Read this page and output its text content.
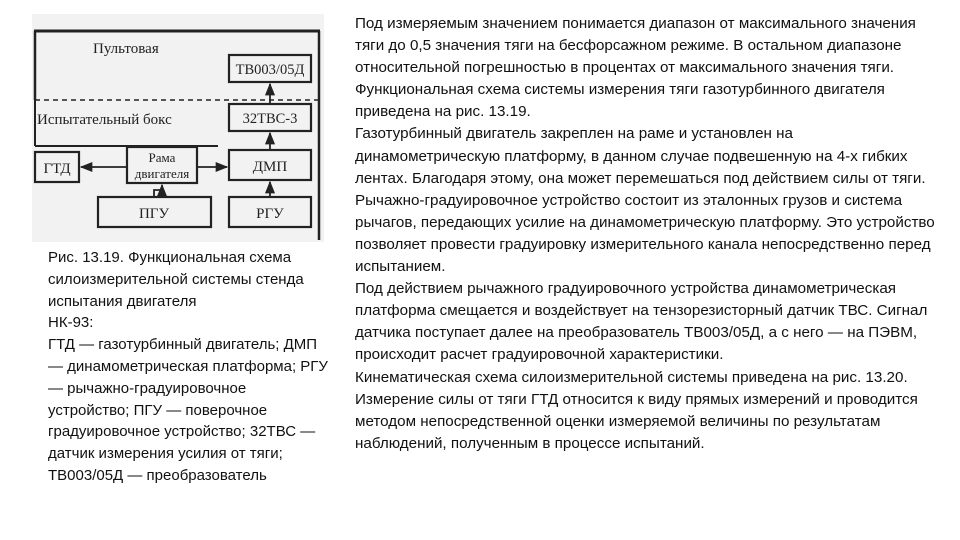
Пультовая
Испытательный бокс
ТВ003/05Д
32ТВС-3
ДМП
ГТД
Рама
двигателя
ПГУ	РГУ

Рис. 13.19. Функциональная схема силоизмерительной системы стенда испытания двигателя

НК-93:

ГТД — газотурбинный двигатель; ДМП — динамометрическая платформа; РГУ — рычажно-градуировочное устройство; ПГУ — поверочное градуировочное устройство; 32ТВС — датчик измерения усилия от тяги; ТВ003/05Д — преобразователь

Под измеряемым значением понимается диапазон от максимального значения тяги до 0,5 значения тяги на бесфорсажном режиме. В остальном диапазоне относительной погрешностью в процентах от максимального значения тяги. Функциональная схема системы измерения тяги газотурбинного двигателя приведена на рис. 13.19.

Газотурбинный двигатель закреплен на раме и установлен на динамометрическую платформу, в данном случае подвешенную на 4-х гибких лентах. Благодаря этому, она может перемешаться под действием силы от тяги. Рычажно-градуировочное устройство состоит из эталонных грузов и система рычагов, передающих усилие на динамометрическую платформу. Это устройство позволяет провести градуировку измерительного канала непосредственно перед испытанием.

Под действием рычажного градуировочного устройства динамометрическая платформа смещается и воздействует на тензорезисторный датчик ТВС. Сигнал датчика поступает далее на преобразователь ТВ003/05Д, а с него — на ПЭВМ, происходит расчет градуировочной характеристики.

Кинематическая схема силоизмерительной системы приведена на рис. 13.20. Измерение силы от тяги ГТД относится к виду прямых измерений и проводится методом непосредственной оценки измеряемой величины по результатам наблюдений, полученным в процессе испытаний.
